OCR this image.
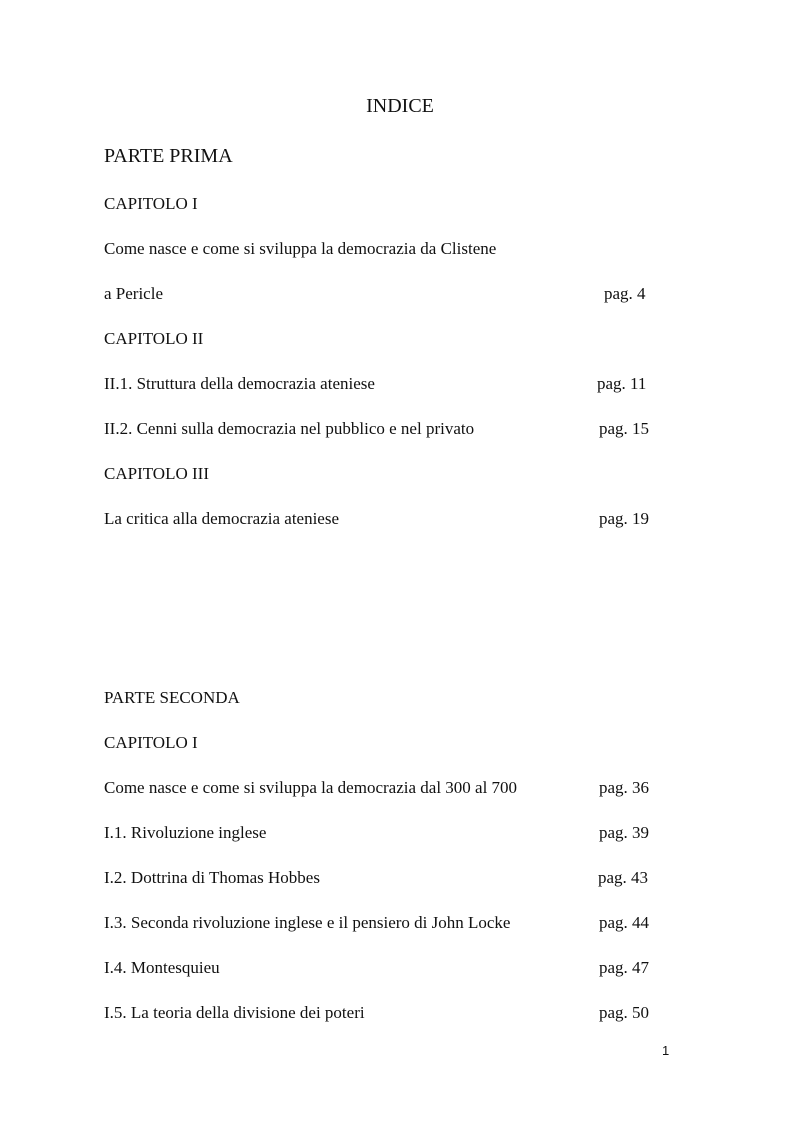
INDICE
PARTE PRIMA
CAPITOLO I
Come nasce e come si sviluppa la democrazia da Clistene
a Pericle	pag. 4
CAPITOLO II
II.1. Struttura della democrazia ateniese	pag. 11
II.2. Cenni sulla democrazia nel pubblico e nel privato	pag. 15
CAPITOLO III
La critica alla democrazia ateniese	pag. 19
PARTE SECONDA
CAPITOLO I
Come nasce e come si sviluppa la democrazia dal 300 al 700	pag. 36
I.1. Rivoluzione inglese	pag. 39
I.2. Dottrina di Thomas Hobbes	pag. 43
I.3. Seconda rivoluzione inglese e il pensiero di John Locke	pag. 44
I.4. Montesquieu	pag. 47
I.5. La teoria della divisione dei poteri	pag. 50
1
